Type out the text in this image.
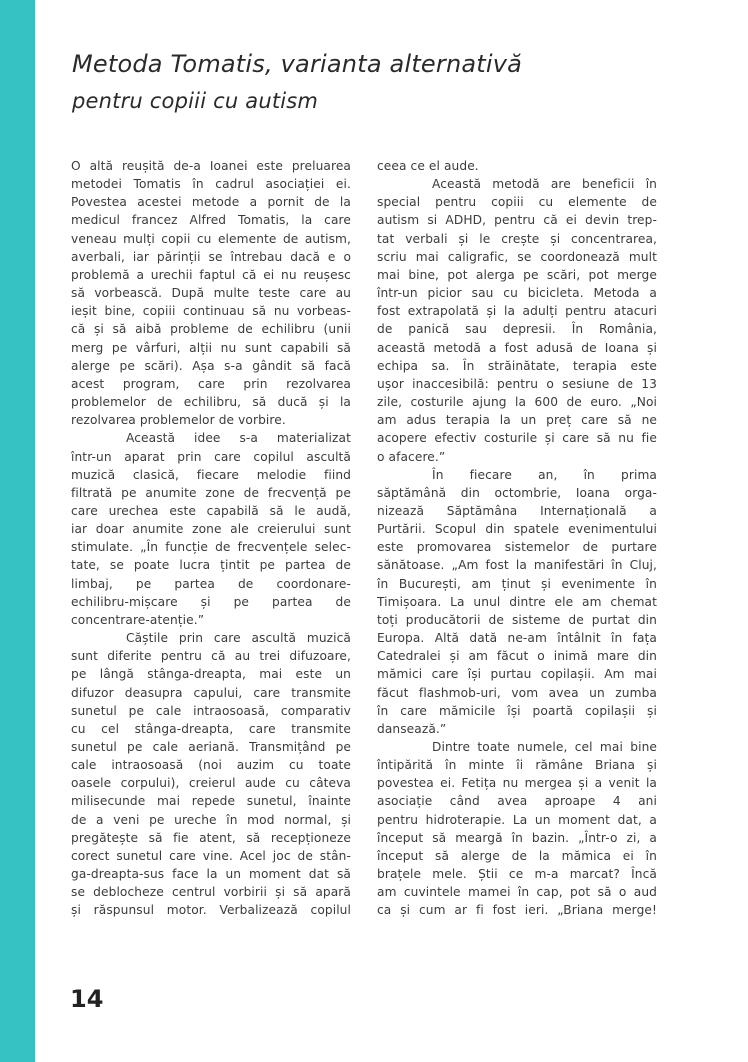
Metoda Tomatis, varianta alternativă
pentru copiii cu autism
O altă reușită de-a Ioanei este preluarea
metodei Tomatis în cadrul asociației ei.
Povestea acestei metode a pornit de la
medicul francez Alfred Tomatis, la care
veneau mulți copii cu elemente de autism,
averbali, iar părinții se întrebau dacă e o
problemă a urechii faptul că ei nu reușesc
să vorbească. După multe teste care au
ieșit bine, copiii continuau să nu vorbeas-
că și să aibă probleme de echilibru (unii
merg pe vârfuri, alții nu sunt capabili să
alerge pe scări). Așa s-a gândit să facă
acest program, care prin rezolvarea
problemelor de echilibru, să ducă și la
rezolvarea problemelor de vorbire.
Această idee s-a materializat
într-un aparat prin care copilul ascultă
muzică clasică, fiecare melodie fiind
filtrată pe anumite zone de frecvență pe
care urechea este capabilă să le audă,
iar doar anumite zone ale creierului sunt
stimulate. „În funcție de frecvențele selec-
tate, se poate lucra țintit pe partea de
limbaj, pe partea de coordonare-
echilibru-mișcare și pe partea de
concentrare-atenție.”
Căștile prin care ascultă muzică
sunt diferite pentru că au trei difuzoare,
pe lângă stânga-dreapta, mai este un
difuzor deasupra capului, care transmite
sunetul pe cale intraosoasă, comparativ
cu cel stânga-dreapta, care transmite
sunetul pe cale aeriană. Transmițând pe
cale intraosoasă (noi auzim cu toate
oasele corpului), creierul aude cu câteva
milisecunde mai repede sunetul, înainte
de a veni pe ureche în mod normal, și
pregătește să fie atent, să recepționeze
corect sunetul care vine. Acel joc de stân-
ga-dreapta-sus face la un moment dat să
se deblocheze centrul vorbirii și să apară
și răspunsul motor. Verbalizează copilul
ceea ce el aude.
Această metodă are beneficii în
special pentru copiii cu elemente de
autism si ADHD, pentru că ei devin trep-
tat verbali și le crește și concentrarea,
scriu mai caligrafic, se coordonează mult
mai bine, pot alerga pe scări, pot merge
într-un picior sau cu bicicleta. Metoda a
fost extrapolată și la adulți pentru atacuri
de panică sau depresii. În România,
această metodă a fost adusă de Ioana și
echipa sa. În străinătate, terapia este
ușor inaccesibilă: pentru o sesiune de 13
zile, costurile ajung la 600 de euro. „Noi
am adus terapia la un preț care să ne
acopere efectiv costurile și care să nu fie
o afacere.”
În fiecare an, în prima
săptămână din octombrie, Ioana orga-
nizează Săptămâna Internațională a
Purtării. Scopul din spatele evenimentului
este promovarea sistemelor de purtare
sănătoase. „Am fost la manifestări în Cluj,
în București, am ținut și evenimente în
Timișoara. La unul dintre ele am chemat
toți producătorii de sisteme de purtat din
Europa. Altă dată ne-am întâlnit în fața
Catedralei și am făcut o inimă mare din
mămici care își purtau copilașii. Am mai
făcut flashmob-uri, vom avea un zumba
în care mămicile își poartă copilașii și
dansează.”
Dintre toate numele, cel mai bine
întipărită în minte îi rămâne Briana și
povestea ei. Fetița nu mergea și a venit la
asociație când avea aproape 4 ani
pentru hidroterapie. La un moment dat, a
început să meargă în bazin. „Într-o zi, a
început să alerge de la mămica ei în
brațele mele. Știi ce m-a marcat? Încă
am cuvintele mamei în cap, pot să o aud
ca și cum ar fi fost ieri. „Briana merge!
14
